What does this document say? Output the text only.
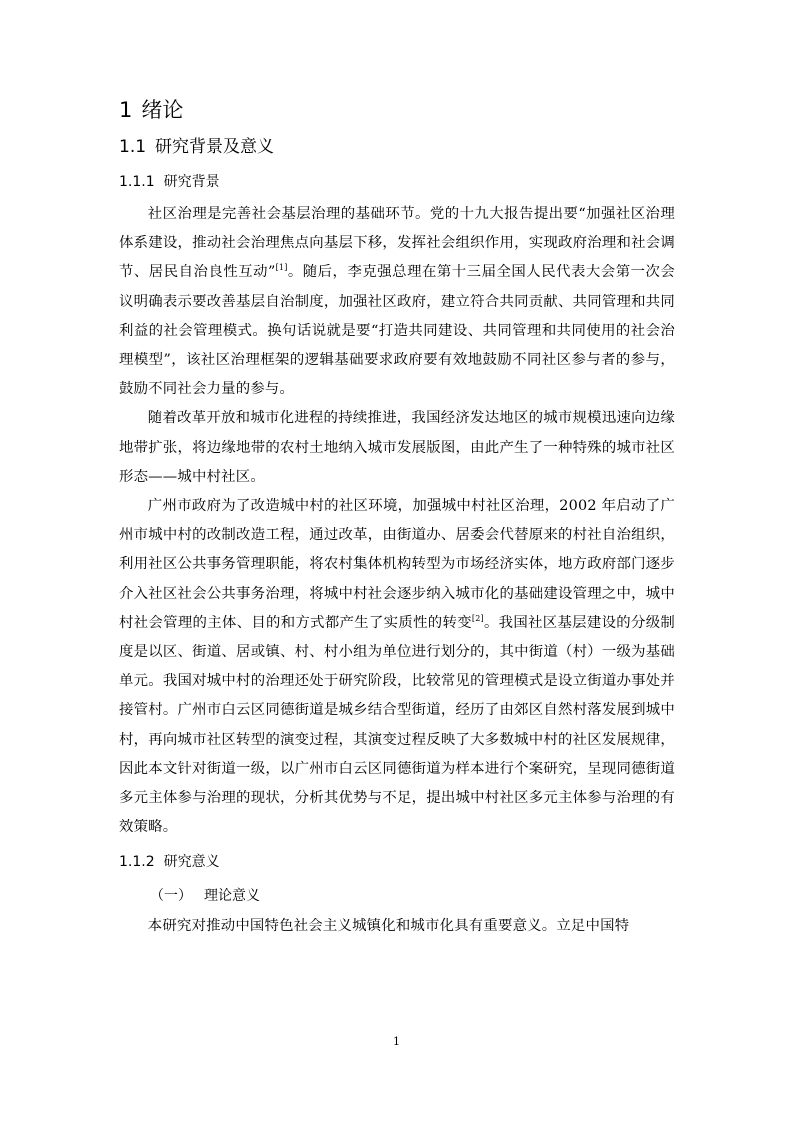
1 绪论
1.1 研究背景及意义
1.1.1 研究背景

社区治理是完善社会基层治理的基础环节。党的十九大报告提出要“加强社区治理体系建设，推动社会治理焦点向基层下移，发挥社会组织作用，实现政府治理和社会调节、居民自治良性互动”[1]。随后，李克强总理在第十三届全国人民代表大会第一次会议明确表示要改善基层自治制度，加强社区政府，建立符合共同贡献、共同管理和共同利益的社会管理模式。换句话说就是要“打造共同建设、共同管理和共同使用的社会治理模型”，该社区治理框架的逻辑基础要求政府要有效地鼓励不同社区参与者的参与，鼓励不同社会力量的参与。

随着改革开放和城市化进程的持续推进，我国经济发达地区的城市规模迅速向边缘地带扩张，将边缘地带的农村土地纳入城市发展版图，由此产生了一种特殊的城市社区形态——城中村社区。

广州市政府为了改造城中村的社区环境，加强城中村社区治理，2002 年启动了广州市城中村的改制改造工程，通过改革，由街道办、居委会代替原来的村社自治组织，利用社区公共事务管理职能，将农村集体机构转型为市场经济实体，地方政府部门逐步介入社区社会公共事务治理，将城中村社会逐步纳入城市化的基础建设管理之中，城中村社会管理的主体、目的和方式都产生了实质性的转变[2]。我国社区基层建设的分级制度是以区、街道、居或镇、村、村小组为单位进行划分的，其中街道（村）一级为基础单元。我国对城中村的治理还处于研究阶段，比较常见的管理模式是设立街道办事处并接管村。广州市白云区同德街道是城乡结合型街道，经历了由郊区自然村落发展到城中村，再向城市社区转型的演变过程，其演变过程反映了大多数城中村的社区发展规律，因此本文针对街道一级，以广州市白云区同德街道为样本进行个案研究，呈现同德街道多元主体参与治理的现状，分析其优势与不足，提出城中村社区多元主体参与治理的有效策略。

1.1.2 研究意义
（一） 理论意义

本研究对推动中国特色社会主义城镇化和城市化具有重要意义。立足中国特

1
